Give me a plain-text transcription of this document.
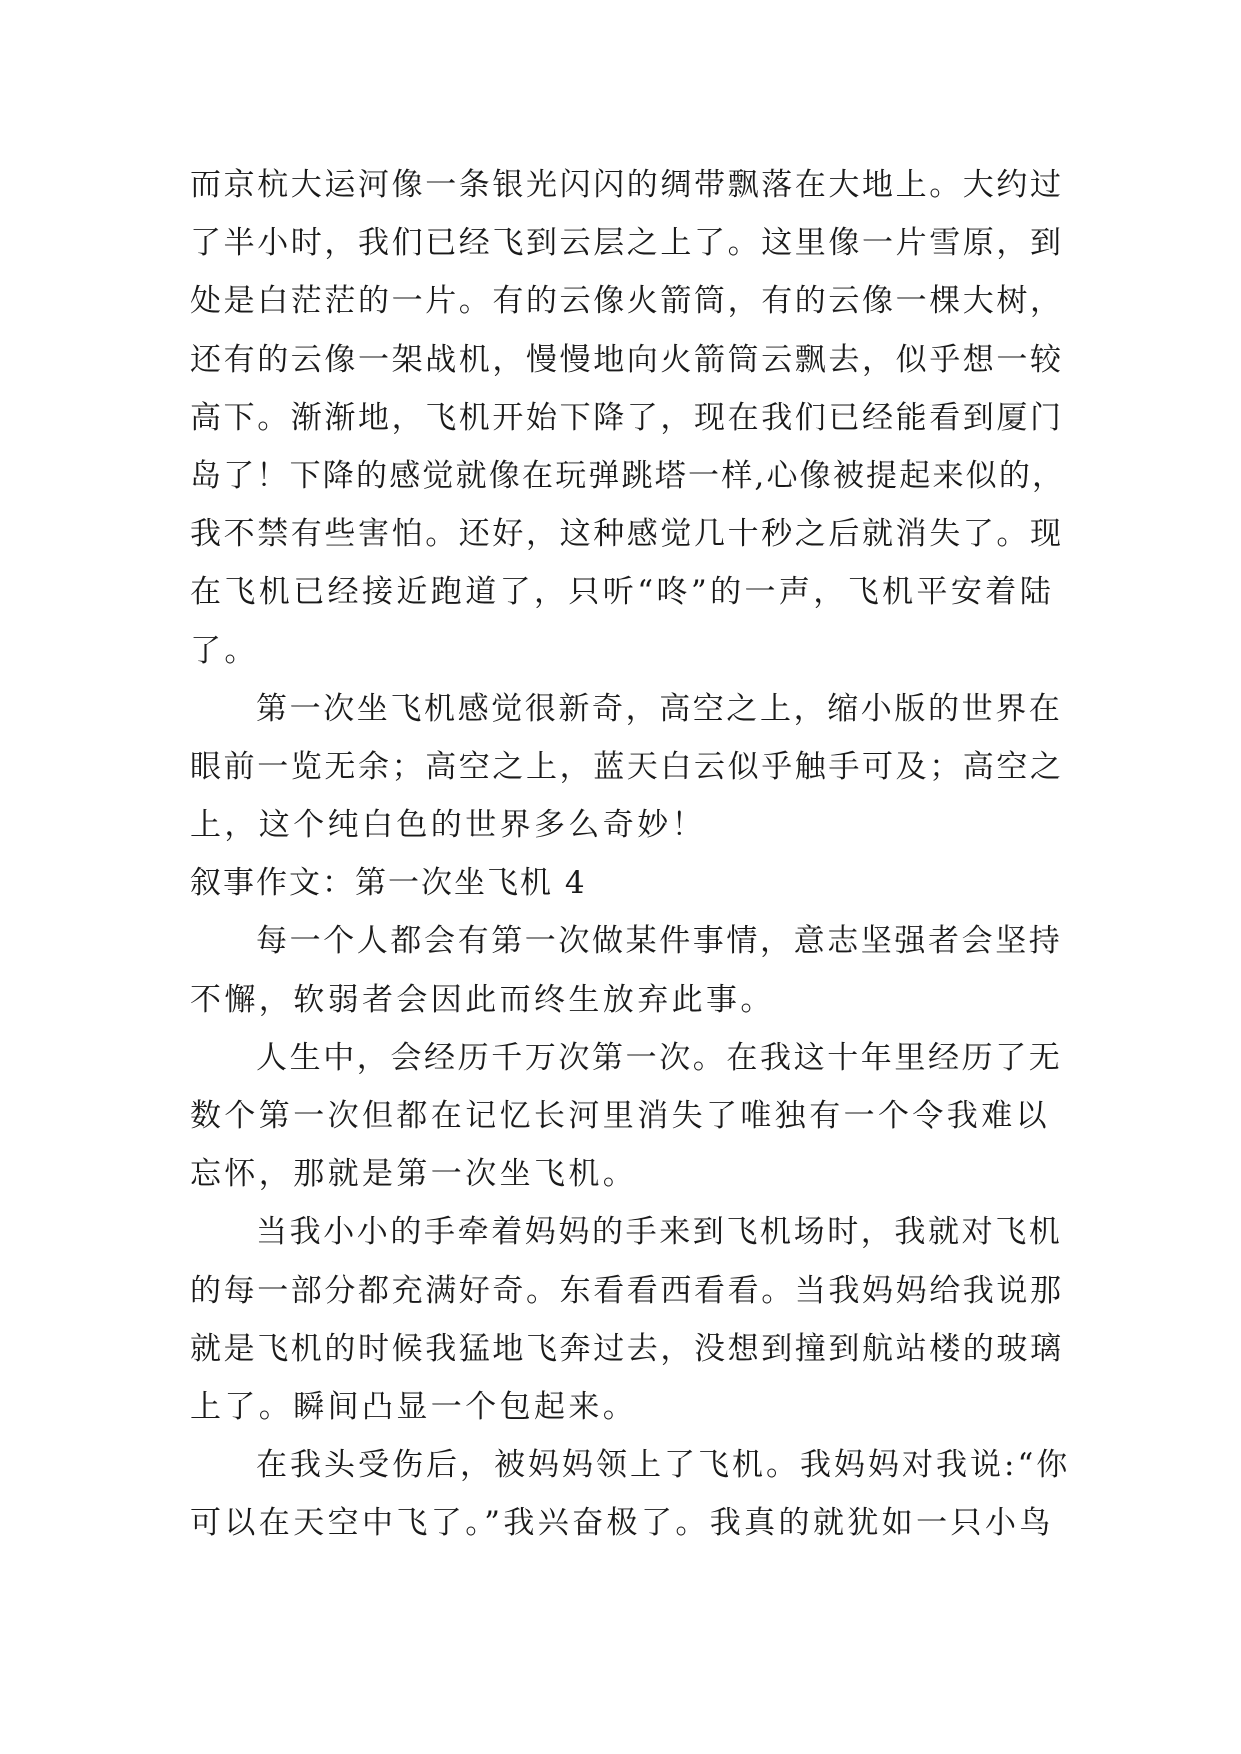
而京杭大运河像一条银光闪闪的绸带飘落在大地上。大约过
了半小时，我们已经飞到云层之上了。这里像一片雪原，到
处是白茫茫的一片。有的云像火箭筒，有的云像一棵大树，
还有的云像一架战机，慢慢地向火箭筒云飘去，似乎想一较
高下。渐渐地，飞机开始下降了，现在我们已经能看到厦门
岛了！下降的感觉就像在玩弹跳塔一样,心像被提起来似的，
我不禁有些害怕。还好，这种感觉几十秒之后就消失了。现
在飞机已经接近跑道了，只听“咚”的一声，飞机平安着陆
了。
第一次坐飞机感觉很新奇，高空之上，缩小版的世界在
眼前一览无余；高空之上，蓝天白云似乎触手可及；高空之
上，这个纯白色的世界多么奇妙！
叙事作文：第一次坐飞机 4
每一个人都会有第一次做某件事情，意志坚强者会坚持
不懈，软弱者会因此而终生放弃此事。
人生中，会经历千万次第一次。在我这十年里经历了无
数个第一次但都在记忆长河里消失了唯独有一个令我难以
忘怀，那就是第一次坐飞机。
当我小小的手牵着妈妈的手来到飞机场时，我就对飞机
的每一部分都充满好奇。东看看西看看。当我妈妈给我说那
就是飞机的时候我猛地飞奔过去，没想到撞到航站楼的玻璃
上了。瞬间凸显一个包起来。
在我头受伤后，被妈妈领上了飞机。我妈妈对我说:“你
可以在天空中飞了。”我兴奋极了。我真的就犹如一只小鸟
